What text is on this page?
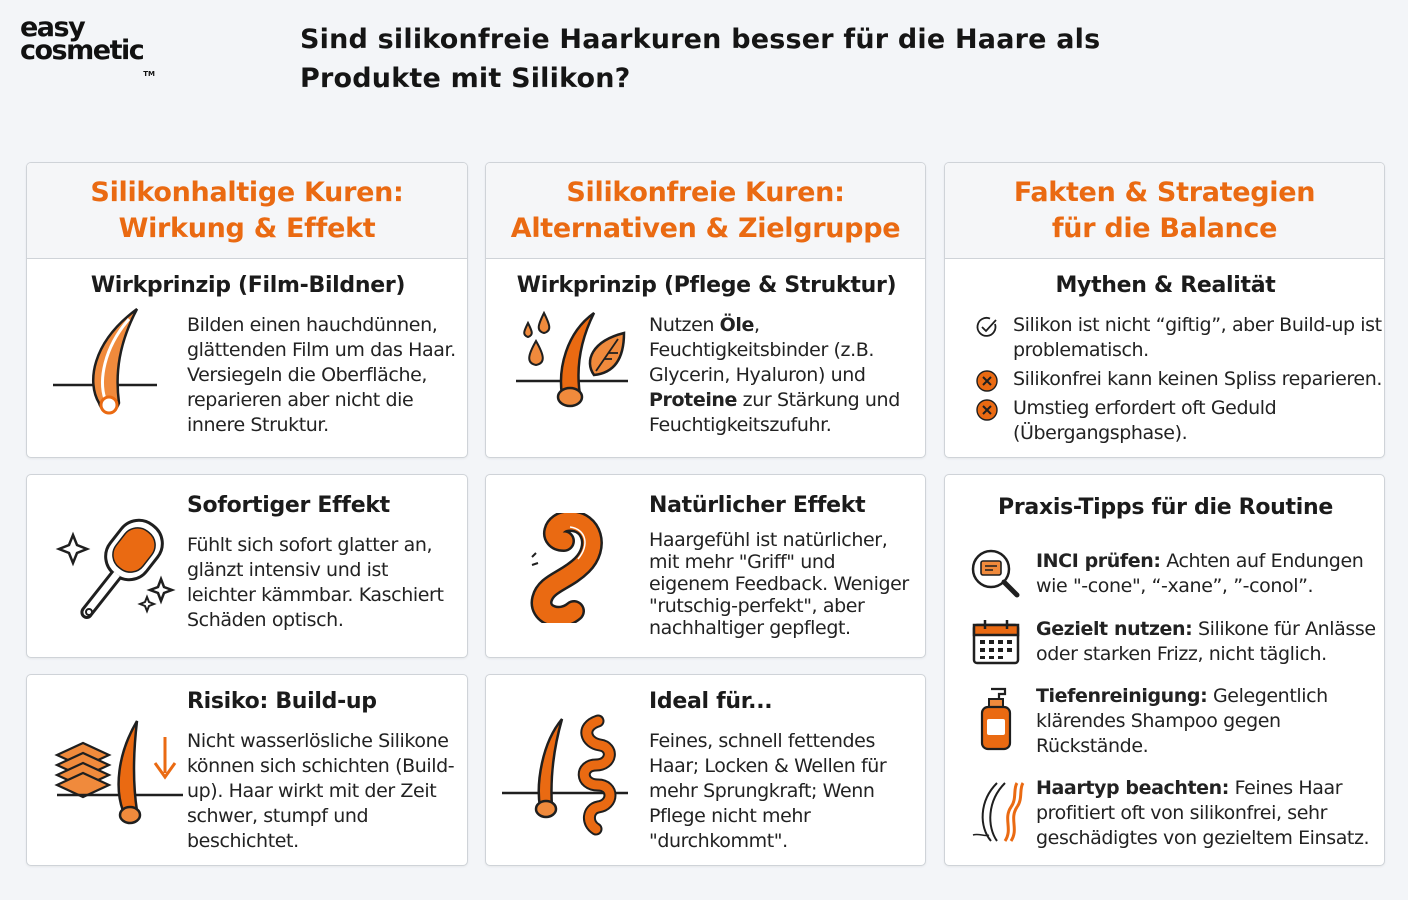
easy
cosmetic™
Sind silikonfreie Haarkuren besser für die Haare als Produkte mit Silikon?
Silikonhaltige Kuren:
Wirkung & Effekt
Wirkprinzip (Film-Bildner)
Bilden einen hauchdünnen, glättenden Film um das Haar. Versiegeln die Oberfläche, reparieren aber nicht die innere Struktur.
Sofortiger Effekt
Fühlt sich sofort glatter an, glänzt intensiv und ist leichter kämmbar. Kaschiert Schäden optisch.
Risiko: Build-up
Nicht wasserlösliche Silikone können sich schichten (Build-up). Haar wirkt mit der Zeit schwer, stumpf und beschichtet.
Silikonfreie Kuren:
Alternativen & Zielgruppe
Wirkprinzip (Pflege & Struktur)
Nutzen Öle, Feuchtigkeitsbinder (z.B. Glycerin, Hyaluron) und Proteine zur Stärkung und Feuchtigkeitszufuhr.
Natürlicher Effekt
Haargefühl ist natürlicher, mit mehr "Griff" und eigenem Feedback. Weniger "rutschig-perfekt", aber nachhaltiger gepflegt.
Ideal für...
Feines, schnell fettendes Haar; Locken & Wellen für mehr Sprungkraft; Wenn Pflege nicht mehr "durchkommt".
Fakten & Strategien
für die Balance
Mythen & Realität
Silikon ist nicht “giftig”, aber Build-up ist problematisch.
Silikonfrei kann keinen Spliss reparieren.
Umstieg erfordert oft Geduld (Übergangsphase).
Praxis-Tipps für die Routine
INCI prüfen: Achten auf Endungen wie "-cone", “-xane”, ”-conol”.
Gezielt nutzen: Silikone für Anlässe oder starken Frizz, nicht täglich.
Tiefenreinigung: Gelegentlich klärendes Shampoo gegen Rückstände.
Haartyp beachten: Feines Haar profitiert oft von silikonfrei, sehr geschädigtes von gezieltem Einsatz.
